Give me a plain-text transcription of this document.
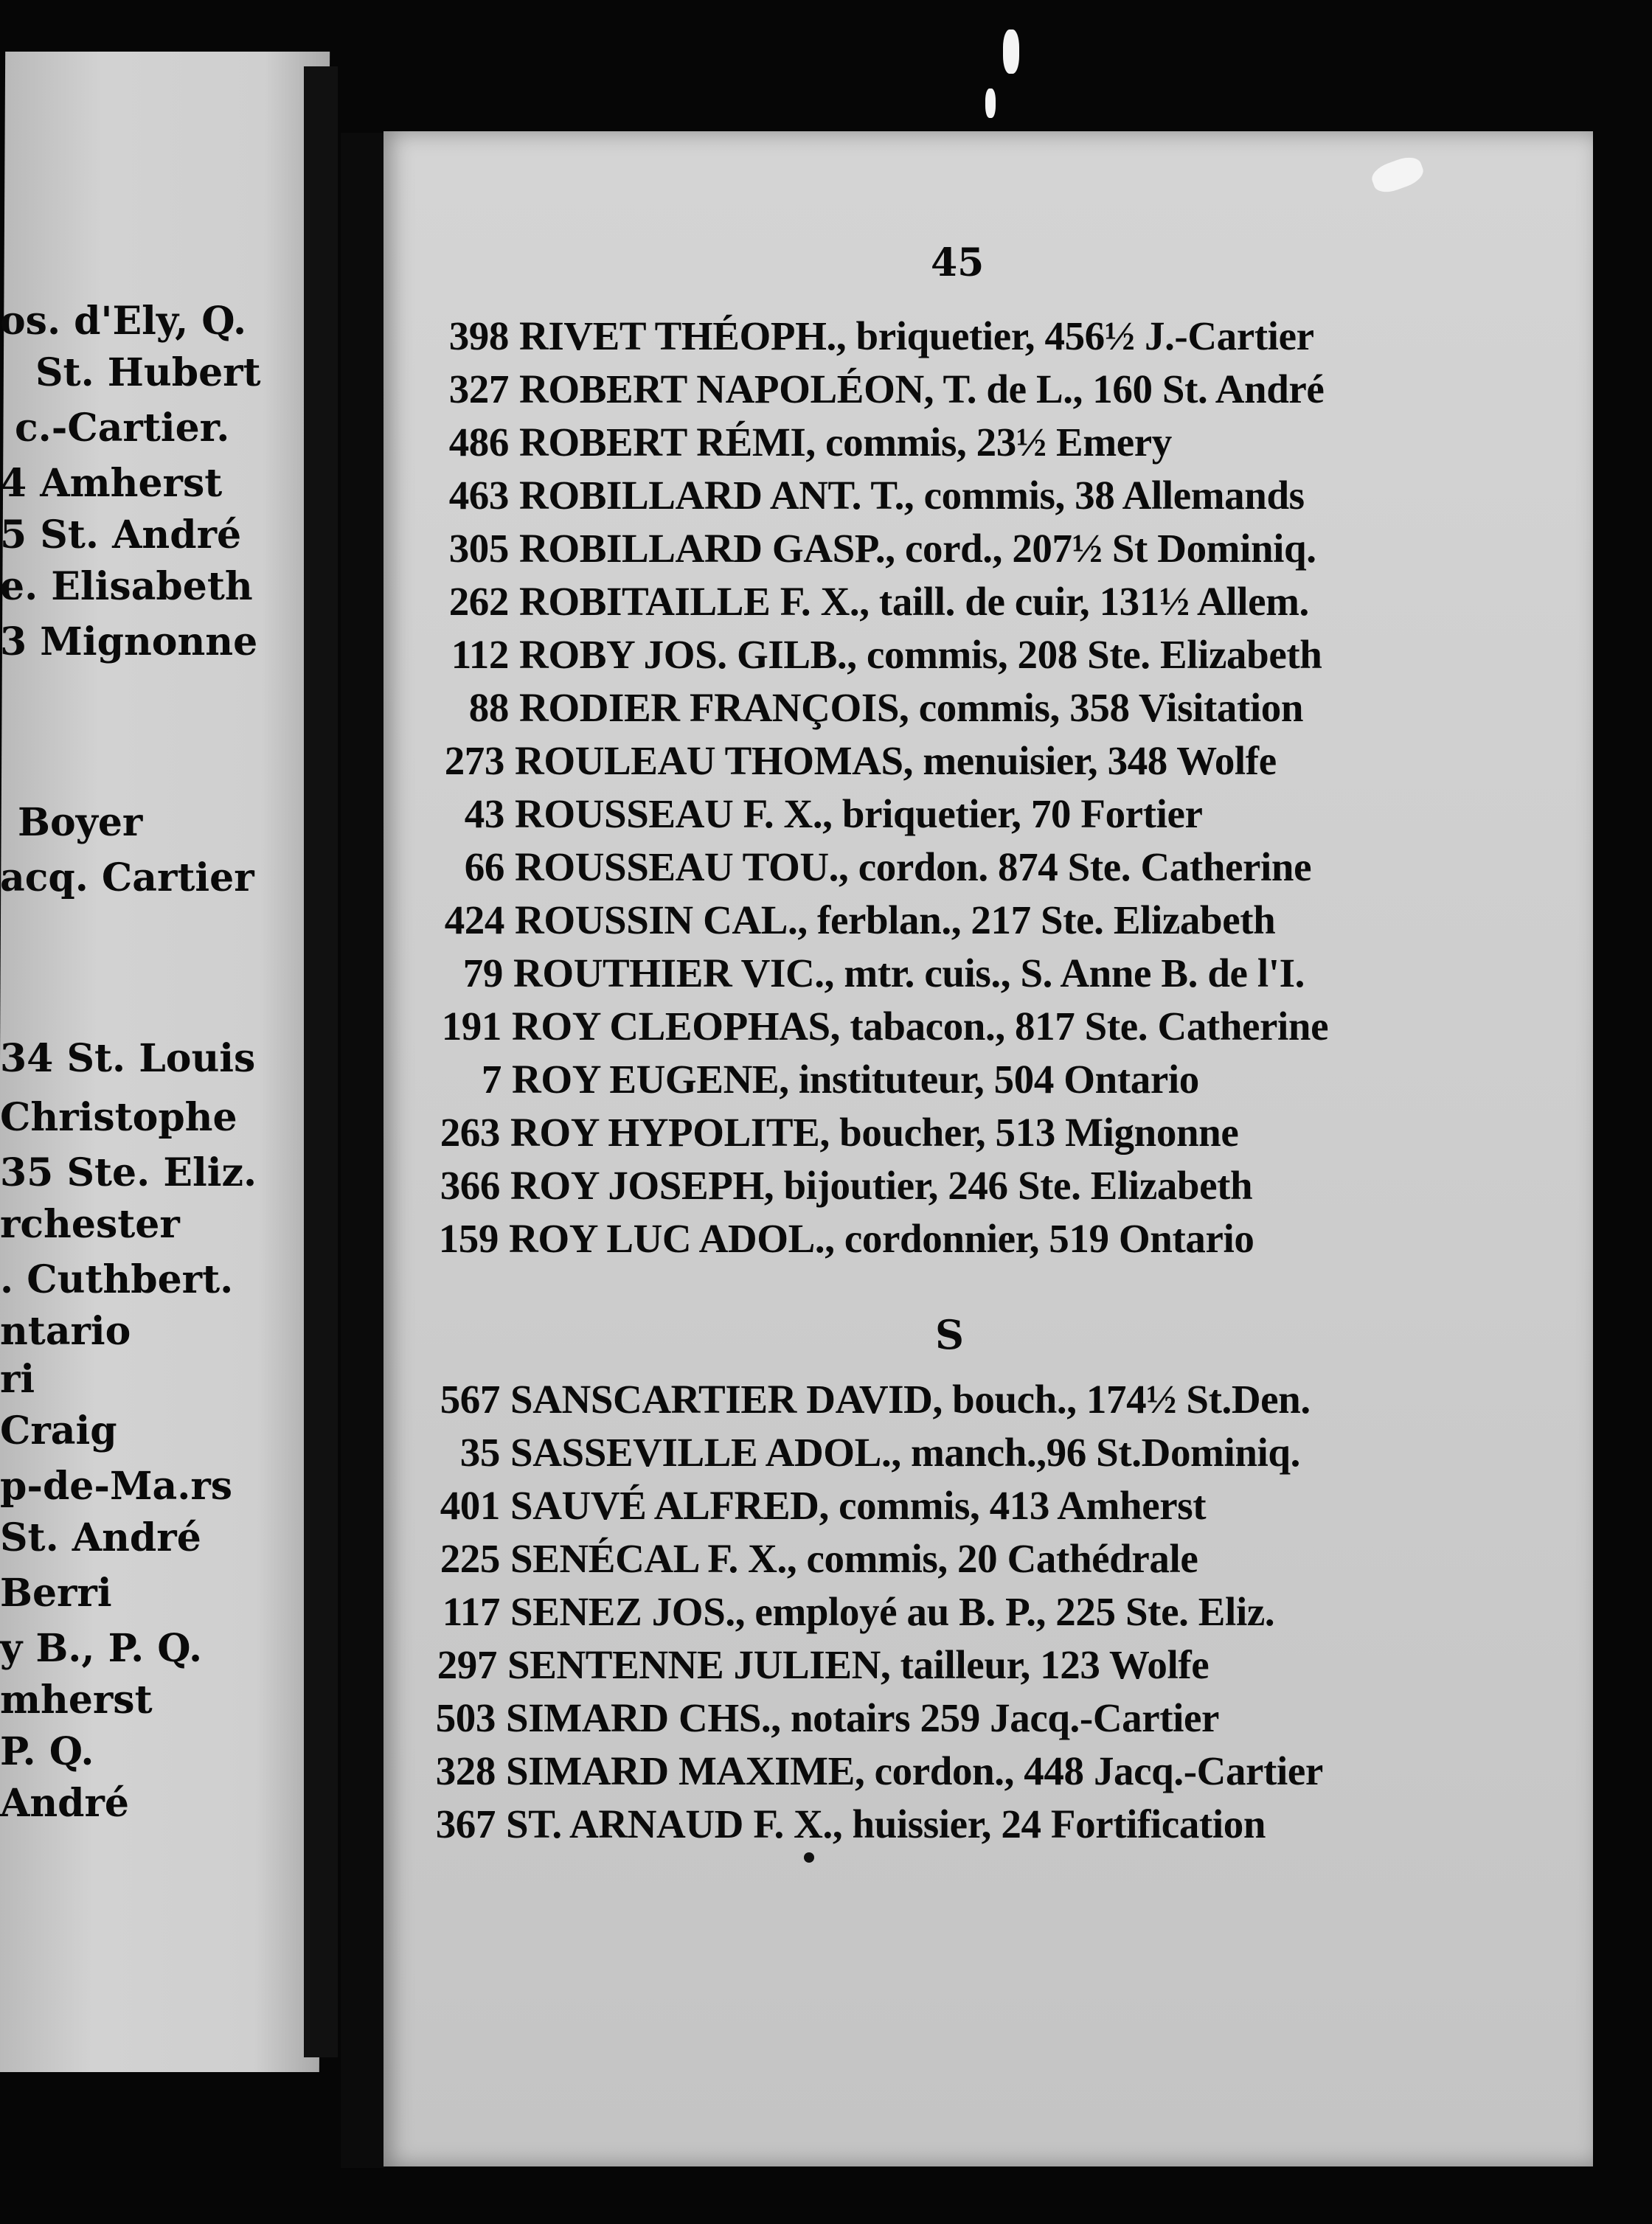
os. d'Ely, Q.
St. Hubert
c.-Cartier.
4 Amherst
5 St. André
e. Elisabeth
3 Mignonne
Boyer
acq. Cartier
34 St. Louis
Christophe
35 Ste. Eliz.
rchester
. Cuthbert.
ntario
ri
Craig
p-de-Ma.rs
St. André
Berri
y B., P. Q.
mherst
P. Q.
André
45
398 RIVET THÉOPH., briquetier, 456½ J.-Cartier
327 ROBERT NAPOLÉON, T. de L., 160 St. André
486 ROBERT RÉMI, commis, 23½ Emery
463 ROBILLARD ANT. T., commis, 38 Allemands
305 ROBILLARD GASP., cord., 207½ St Dominiq.
262 ROBITAILLE F. X., taill. de cuir, 131½ Allem.
112 ROBY JOS. GILB., commis, 208 Ste. Elizabeth
88 RODIER FRANÇOIS, commis, 358 Visitation
273 ROULEAU THOMAS, menuisier, 348 Wolfe
43 ROUSSEAU F. X., briquetier, 70 Fortier
66 ROUSSEAU TOU., cordon. 874 Ste. Catherine
424 ROUSSIN CAL., ferblan., 217 Ste. Elizabeth
79 ROUTHIER VIC., mtr. cuis., S. Anne B. de l'I.
191 ROY CLEOPHAS, tabacon., 817 Ste. Catherine
7 ROY EUGENE, instituteur, 504 Ontario
263 ROY HYPOLITE, boucher, 513 Mignonne
366 ROY JOSEPH, bijoutier, 246 Ste. Elizabeth
159 ROY LUC ADOL., cordonnier, 519 Ontario
S
567 SANSCARTIER DAVID, bouch., 174½ St.Den.
35 SASSEVILLE ADOL., manch.,96 St.Dominiq.
401 SAUVÉ ALFRED, commis, 413 Amherst
225 SENÉCAL F. X., commis, 20 Cathédrale
117 SENEZ JOS., employé au B. P., 225 Ste. Eliz.
297 SENTENNE JULIEN, tailleur, 123 Wolfe
503 SIMARD CHS., notairs 259 Jacq.-Cartier
328 SIMARD MAXIME, cordon., 448 Jacq.-Cartier
367 ST. ARNAUD F. X., huissier, 24 Fortification
